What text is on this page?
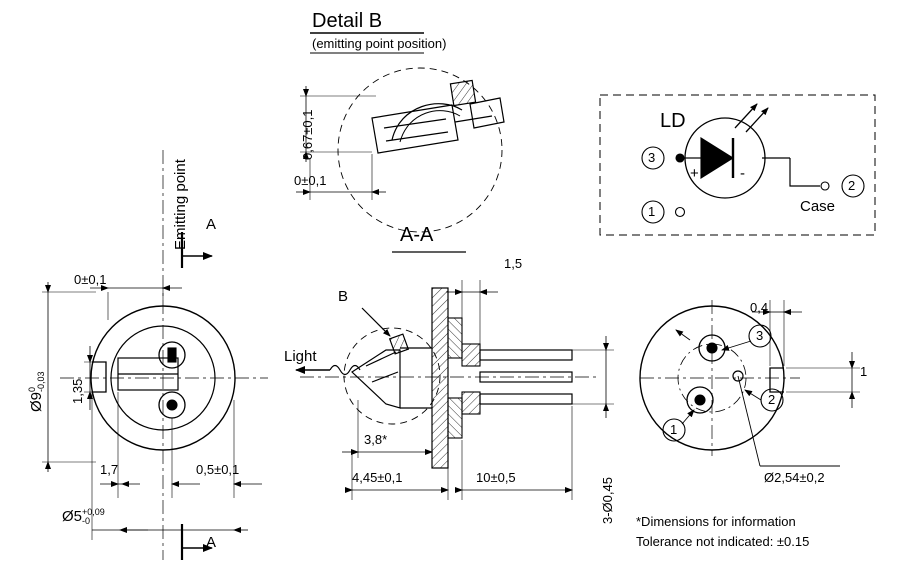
Detail B
(emitting point position)
0,67±0,1
0±0,1
A-A
LD
+	-
3
1
2
Case
Emitting point A
A
0±0,1
Ø9
0 -0,03 1,35
1,7	0,5±0,1
Ø5 +0,09
-0
B
Light
1,5
3,8*
4,45±0,1	10±0,5	3-Ø0,45
0,4
1
3
2
1
Ø2,54±0,2
*Dimensions for information
Tolerance not indicated: ±0.15
